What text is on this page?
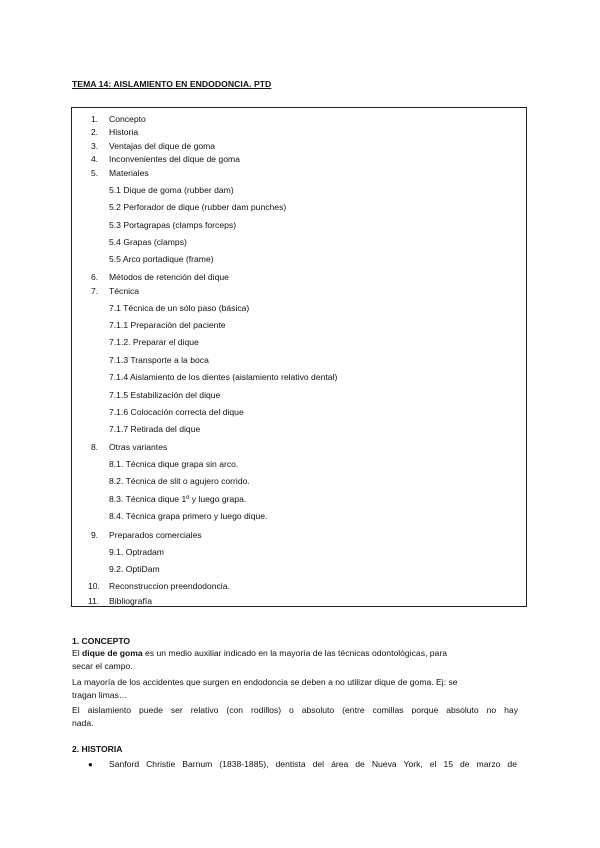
TEMA 14: AISLAMIENTO EN ENDODONCIA. PTD
1.	Concepto
2.	Historia
3.	Ventajas del dique de goma
4.	Inconvenientes del dique de goma
5.	Materiales
5.1 Dique de goma (rubber dam)
5.2 Perforador de dique (rubber dam punches)
5.3 Portagrapas (clamps forceps)
5.4 Grapas (clamps)
5.5 Arco portadique (frame)
6.	Métodos de retención del dique
7.	Técnica
7.1 Técnica de un sólo paso (básica)
7.1.1 Preparación del paciente
7.1.2. Preparar el dique
7.1.3 Transporte a la boca
7.1.4 Aislamiento de los dientes (aislamiento relativo dental)
7.1.5 Estabilización del dique
7.1.6 Colocación correcta del dique
7.1.7 Retirada del dique
8.	Otras variantes
8.1. Técnica dique grapa sin arco.
8.2. Técnica de slit o agujero corrido.
8.3. Técnica dique 1º y luego grapa.
8.4. Técnica grapa primero y luego dique.
9.	Preparados comerciales
9.1. Optradam
9.2. OptiDam
10. Reconstruccion preendodoncia.
11.	Bibliografía
1. CONCEPTO
El dique de goma es un medio auxiliar indicado en la mayoría de las técnicas odontológicas, para
secar el campo.
La mayoría de los accidentes que surgen en endodoncia se deben a no utilizar dique de goma. Ej: se
tragan limas…
El aislamiento puede ser relativo (con rodillos) o absoluto (entre comillas porque absoluto no hay
nada.
2. HISTORIA
● Sanford Christie Barnum (1838-1885), dentista del área de Nueva York, el 15 de marzo de
